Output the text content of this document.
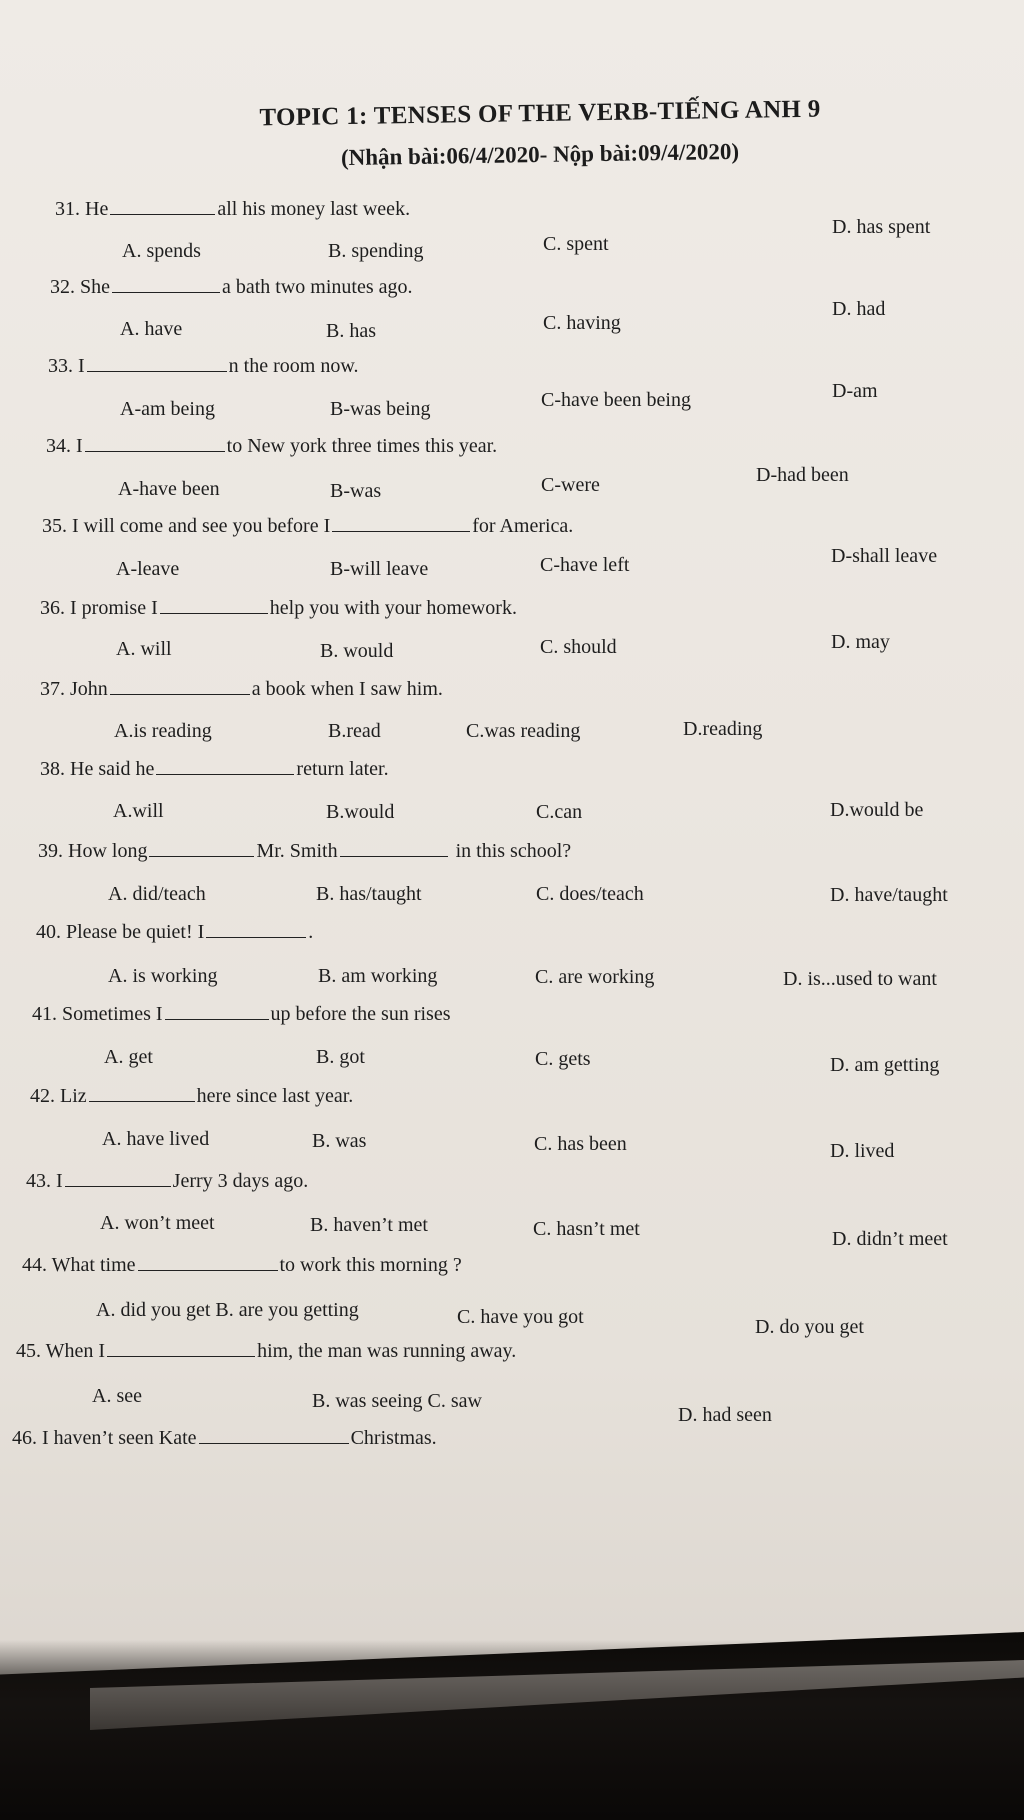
TOPIC 1: TENSES OF THE VERB-TIẾNG ANH 9
(Nhận bài:06/4/2020- Nộp bài:09/4/2020)
31. He	all his money last week.
A. spends	B. spending	C. spent
D. has spent
32. She	a bath two minutes ago.
A. have	B. has	C. having
D. had
33. I	n the room now.
A-am being	B-was being	C-have been being	D-am
34. I	to New york three times this year.
A-have been	B-was	C-were	D-had been
35. I will come and see you before I	for America.
A-leave	B-will leave	C-have left	D-shall leave
36. I promise I	help you with your homework.
A. will	B. would	C. should	D. may
37. John	a book when I saw him.
A.is reading	B.read	C.was reading	D.reading
38. He said he	return later.
A.will	B.would	C.can	D.would be
39. How long	Mr. Smith	in this school?
A. did/teach	B. has/taught	C. does/teach	D. have/taught
40. Please be quiet! I	.
A. is working	B. am working	C. are working	D. is...used to want
41. Sometimes I	up before the sun rises
A. get	B. got	C. gets	D. am getting
42. Liz	here since last year.
A. have lived	B. was	C. has been	D. lived
43. I	Jerry 3 days ago.
A. won’t meet	B. haven’t met	C. hasn’t met	D. didn’t meet
44. What time	to work this morning ?
A. did you get B. are you getting	C. have you got	D. do you get
45. When I	him, the man was running away.
A. see	B. was seeing C. saw
D. had seen
46. I haven’t seen Kate	Christmas.
